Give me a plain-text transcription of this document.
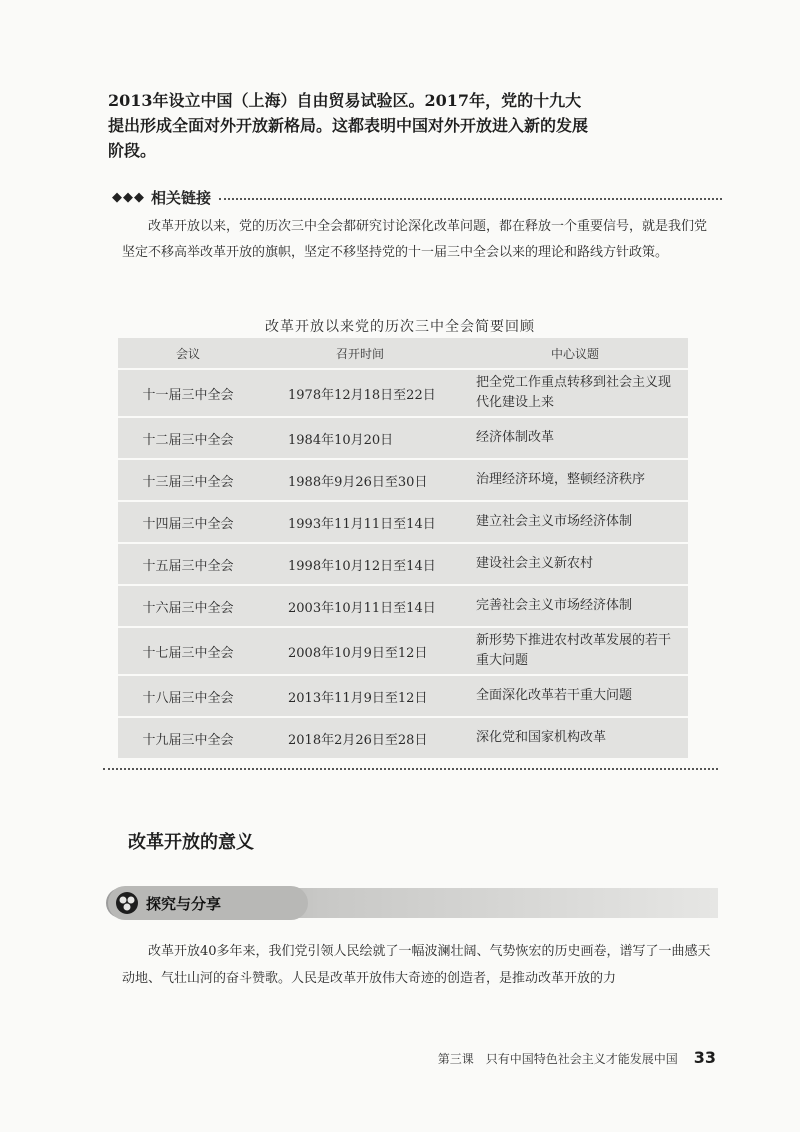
2013年设立中国（上海）自由贸易试验区。2017年，党的十九大提出形成全面对外开放新格局。这都表明中国对外开放进入新的发展阶段。

◆◆◆ 相关链接

改革开放以来，党的历次三中全会都研究讨论深化改革问题，都在释放一个重要信号，就是我们党坚定不移高举改革开放的旗帜，坚定不移坚持党的十一届三中全会以来的理论和路线方针政策。

改革开放以来党的历次三中全会简要回顾
会议	召开时间	中心议题
十一届三中全会	1978年12月18日至22日	把全党工作重点转移到社会主义现代化建设上来
十二届三中全会	1984年10月20日	经济体制改革
十三届三中全会	1988年9月26日至30日	治理经济环境，整顿经济秩序
十四届三中全会	1993年11月11日至14日	建立社会主义市场经济体制
十五届三中全会	1998年10月12日至14日	建设社会主义新农村
十六届三中全会	2003年10月11日至14日	完善社会主义市场经济体制
十七届三中全会	2008年10月9日至12日	新形势下推进农村改革发展的若干重大问题
十八届三中全会	2013年11月9日至12日	全面深化改革若干重大问题
十九届三中全会	2018年2月26日至28日	深化党和国家机构改革
改革开放的意义
探究与分享

改革开放40多年来，我们党引领人民绘就了一幅波澜壮阔、气势恢宏的历史画卷，谱写了一曲感天动地、气壮山河的奋斗赞歌。人民是改革开放伟大奇迹的创造者，是推动改革开放的力

第三课　只有中国特色社会主义才能发展中国 33
